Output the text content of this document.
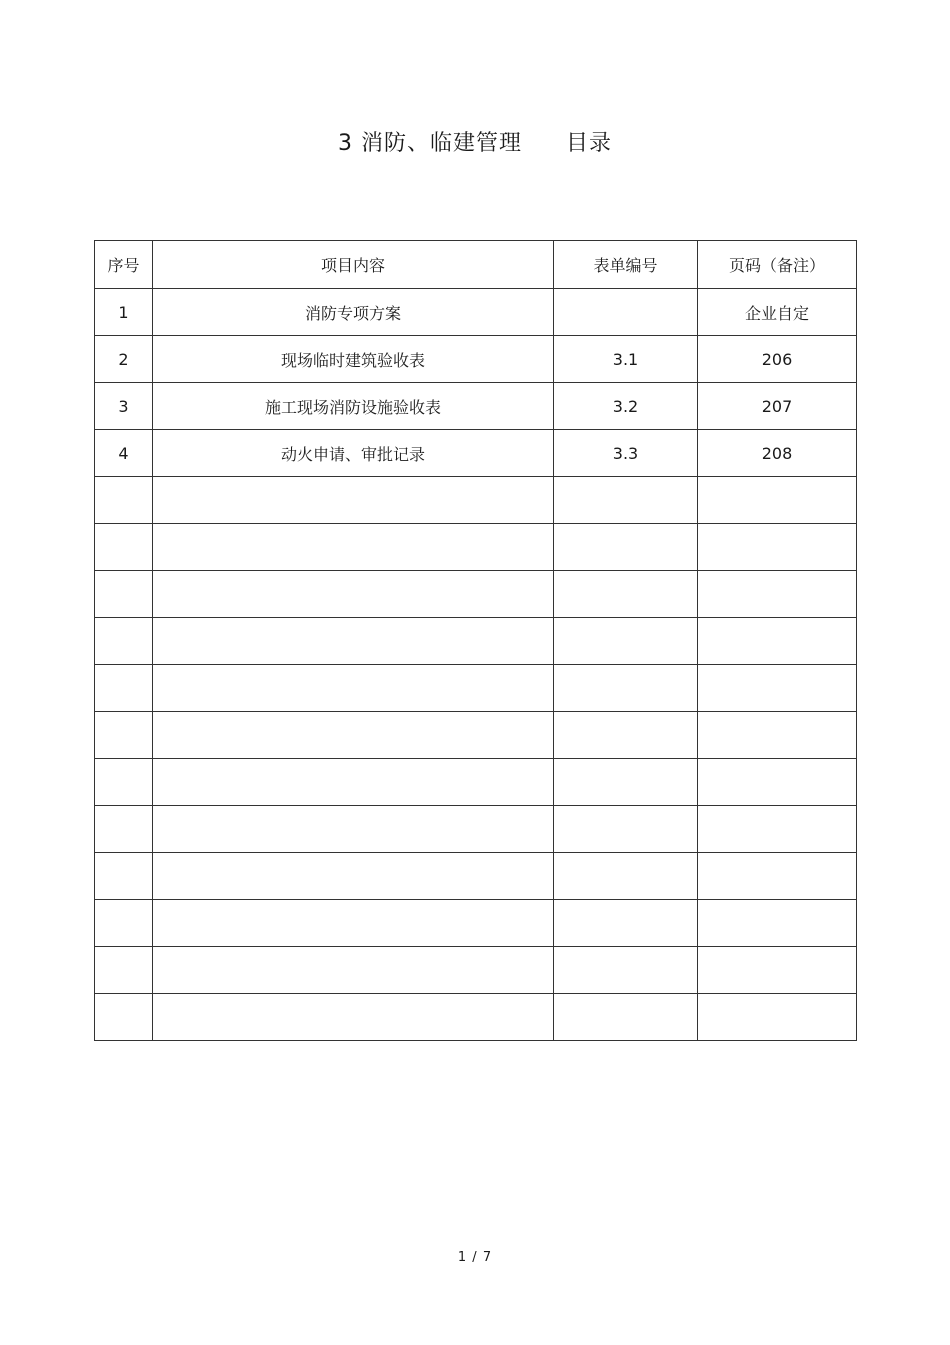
3 消防、临建管理 目录
序号	项目内容	表单编号	页码（备注）
1	消防专项方案		企业自定
2	现场临时建筑验收表	3.1	206
3	施工现场消防设施验收表	3.2	207
4	动火申请、审批记录	3.3	208

1 / 7
